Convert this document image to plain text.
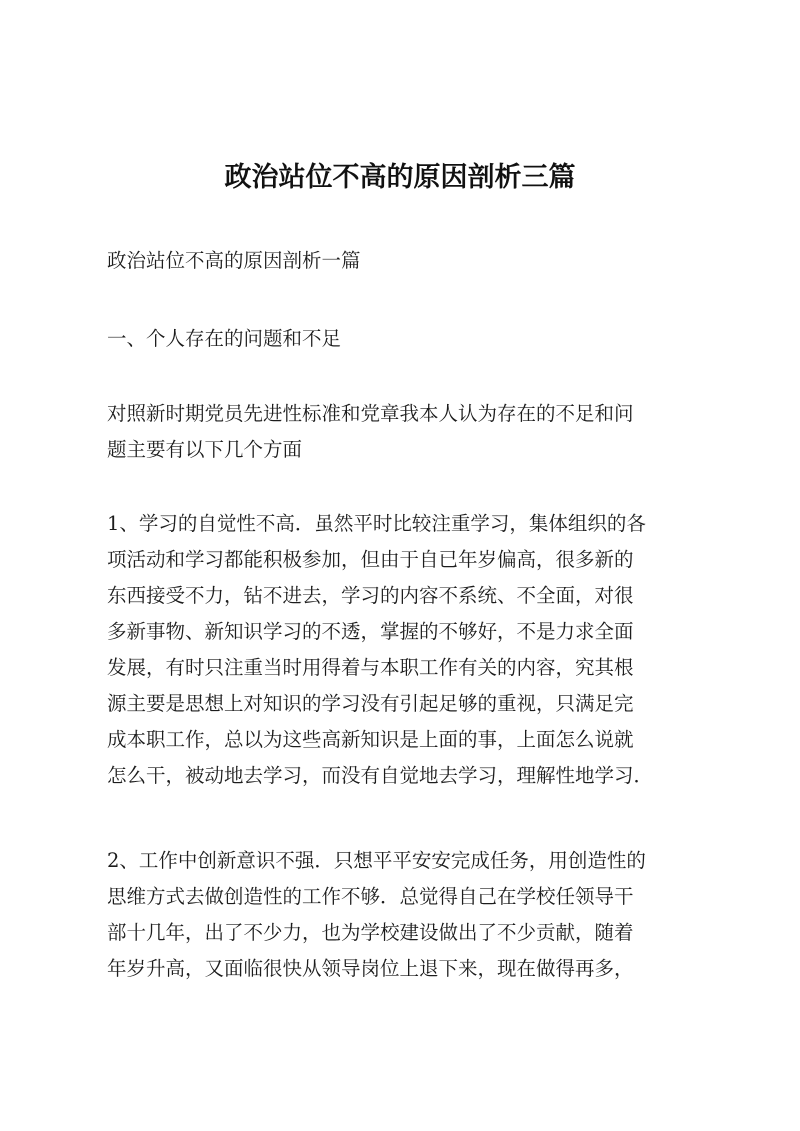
政治站位不高的原因剖析三篇
政治站位不高的原因剖析一篇
一、个人存在的问题和不足
对照新时期党员先进性标准和党章我本人认为存在的不足和问
题主要有以下几个方面
1、学习的自觉性不高．虽然平时比较注重学习，集体组织的各
项活动和学习都能积极参加，但由于自已年岁偏高，很多新的
东西接受不力，钻不进去，学习的内容不系统、不全面，对很
多新事物、新知识学习的不透，掌握的不够好，不是力求全面
发展，有时只注重当时用得着与本职工作有关的内容，究其根
源主要是思想上对知识的学习没有引起足够的重视，只满足完
成本职工作，总以为这些高新知识是上面的事，上面怎么说就
怎么干，被动地去学习，而没有自觉地去学习，理解性地学习．
2、工作中创新意识不强．只想平平安安完成任务，用创造性的
思维方式去做创造性的工作不够．总觉得自己在学校任领导干
部十几年，出了不少力，也为学校建设做出了不少贡献，随着
年岁升高，又面临很快从领导岗位上退下来，现在做得再多，
